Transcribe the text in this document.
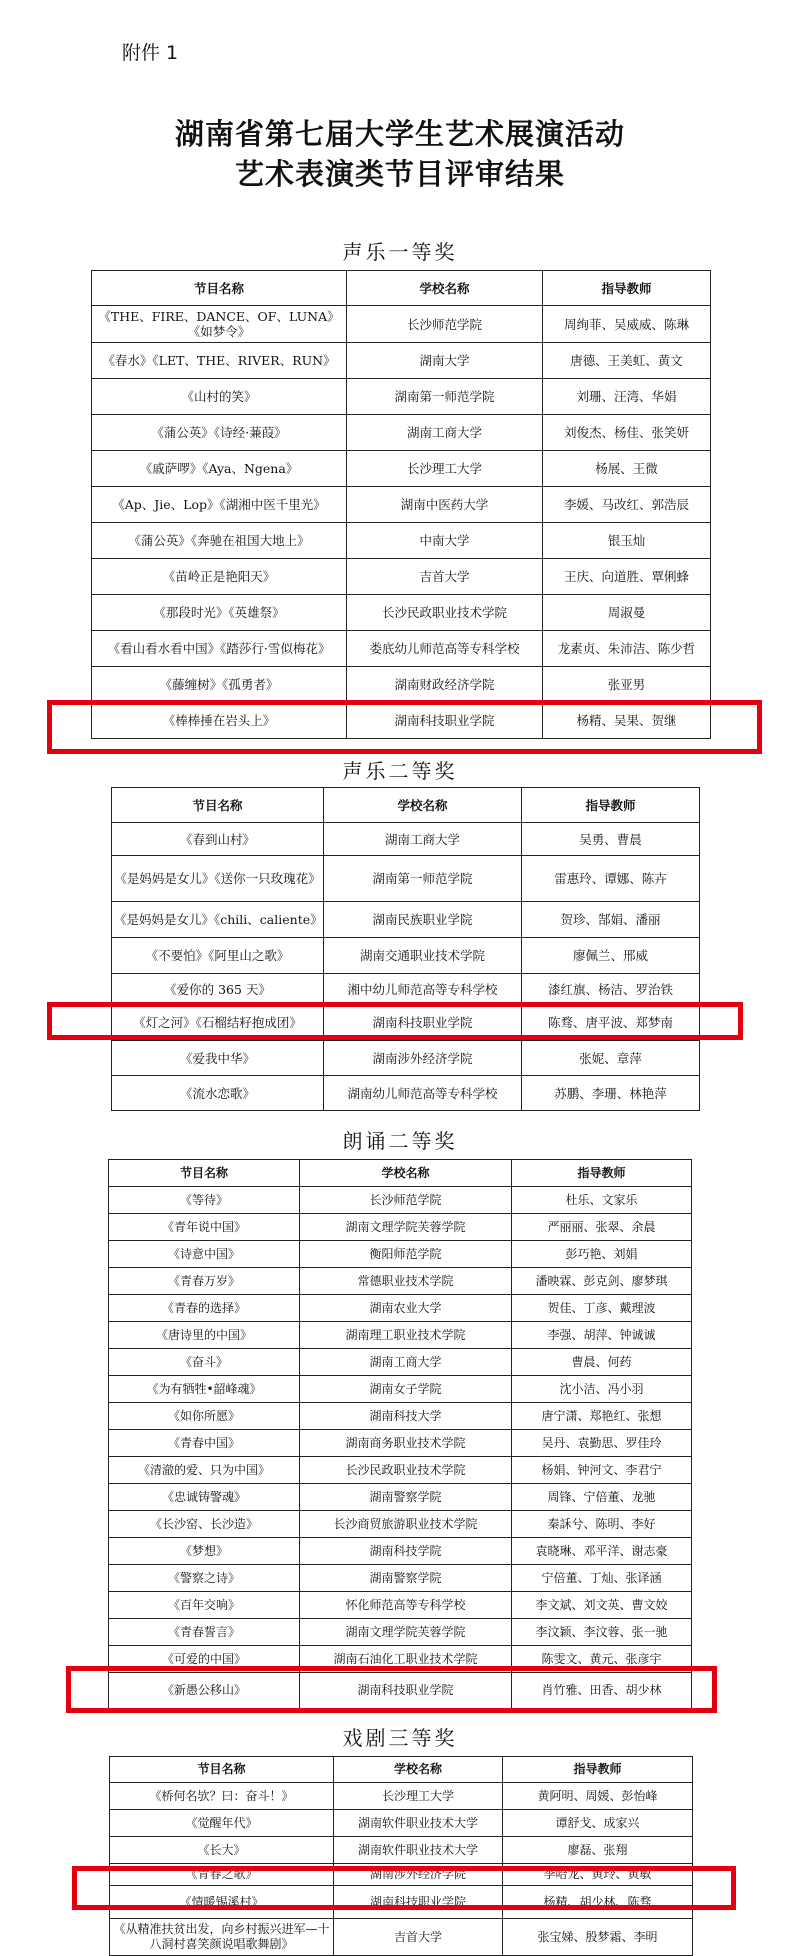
附件 1
湖南省第七届大学生艺术展演活动
艺术表演类节目评审结果
声乐一等奖
节目名称	学校名称	指导教师
《THE、FIRE、DANCE、OF、LUNA》《如梦令》	长沙师范学院	周绚菲、吴威威、陈琳
《春水》《LET、THE、RIVER、RUN》	湖南大学	唐德、王美虹、黄文
《山村的笑》	湖南第一师范学院	刘珊、汪湾、华娟
《蒲公英》《诗经·蒹葭》	湖南工商大学	刘俊杰、杨佳、张笑妍
《戚萨啰》《Aya、Ngena》	长沙理工大学	杨展、王微
《Ap、Jie、Lop》《湖湘中医千里光》	湖南中医药大学	李媛、马改红、郭浩辰
《蒲公英》《奔驰在祖国大地上》	中南大学	银玉灿
《苗岭正是艳阳天》	吉首大学	王庆、向道胜、覃俐蜂
《那段时光》《英雄祭》	长沙民政职业技术学院	周淑曼
《看山看水看中国》《踏莎行·雪似梅花》	娄底幼儿师范高等专科学校	龙素贞、朱沛洁、陈少哲
《藤缠树》《孤勇者》	湖南财政经济学院	张亚男
《棒棒捶在岩头上》	湖南科技职业学院	杨精、吴果、贺继
声乐二等奖
节目名称	学校名称	指导教师
《春到山村》	湖南工商大学	吴勇、曹晨
《是妈妈是女儿》《送你一只玫瑰花》	湖南第一师范学院	雷惠玲、谭娜、陈卉
《是妈妈是女儿》《chili、caliente》	湖南民族职业学院	贺珍、郜娟、潘丽
《不要怕》《阿里山之歌》	湖南交通职业技术学院	廖佩兰、邢威
《爱你的 365 天》	湘中幼儿师范高等专科学校	漆红旗、杨洁、罗治铁
《灯之河》《石榴结籽抱成团》	湖南科技职业学院	陈骛、唐平波、郑梦南
《爱我中华》	湖南涉外经济学院	张妮、章萍
《流水恋歌》	湖南幼儿师范高等专科学校	苏鹏、李珊、林艳萍
朗诵二等奖
节目名称	学校名称	指导教师
《等待》	长沙师范学院	杜乐、文家乐
《青年说中国》	湖南文理学院芙蓉学院	严丽丽、张翠、余晨
《诗意中国》	衡阳师范学院	彭巧艳、刘娟
《青春万岁》	常德职业技术学院	潘映霖、彭克剑、廖梦琪
《青春的选择》	湖南农业大学	贺佳、丁彦、戴理波
《唐诗里的中国》	湖南理工职业技术学院	李强、胡萍、钟诚诚
《奋斗》	湖南工商大学	曹晨、何药
《为有牺牲•韶峰魂》	湖南女子学院	沈小洁、冯小羽
《如你所愿》	湖南科技大学	唐宁潇、郑艳红、张想
《青春中国》	湖南商务职业技术学院	吴丹、袁勤思、罗佳玲
《清澈的爱、只为中国》	长沙民政职业技术学院	杨娟、钟河文、李君宁
《忠诚铸警魂》	湖南警察学院	周锋、宁倍董、龙驰
《长沙窑、长沙造》	长沙商贸旅游职业技术学院	秦訸兮、陈明、李好
《梦想》	湖南科技学院	袁晓琳、邓平洋、谢志豪
《警察之诗》	湖南警察学院	宁倍董、丁灿、张译涵
《百年交响》	怀化师范高等专科学校	李文斌、刘文英、曹文姣
《青春誓言》	湖南文理学院芙蓉学院	李汶颖、李汶蓉、张一驰
《可爱的中国》	湖南石油化工职业技术学院	陈雯文、黄元、张彦宇
《新愚公移山》	湖南科技职业学院	肖竹雅、田香、胡少林
戏剧三等奖
节目名称	学校名称	指导教师
《桥何名欤？曰：奋斗！》	长沙理工大学	黄阿明、周媛、彭怡峰
《觉醒年代》	湖南软件职业技术大学	谭舒戈、成家兴
《长大》	湖南软件职业技术大学	廖磊、张翔
《青春之歌》	湖南涉外经济学院	李哈龙、黄玲、黄敏
《情暖锡溪村》	湖南科技职业学院	杨精、胡少林、陈骛
《从精准扶贫出发，向乡村振兴进军—十八洞村喜笑颜说唱歌舞剧》	吉首大学	张宝娣、殷梦霜、李明
